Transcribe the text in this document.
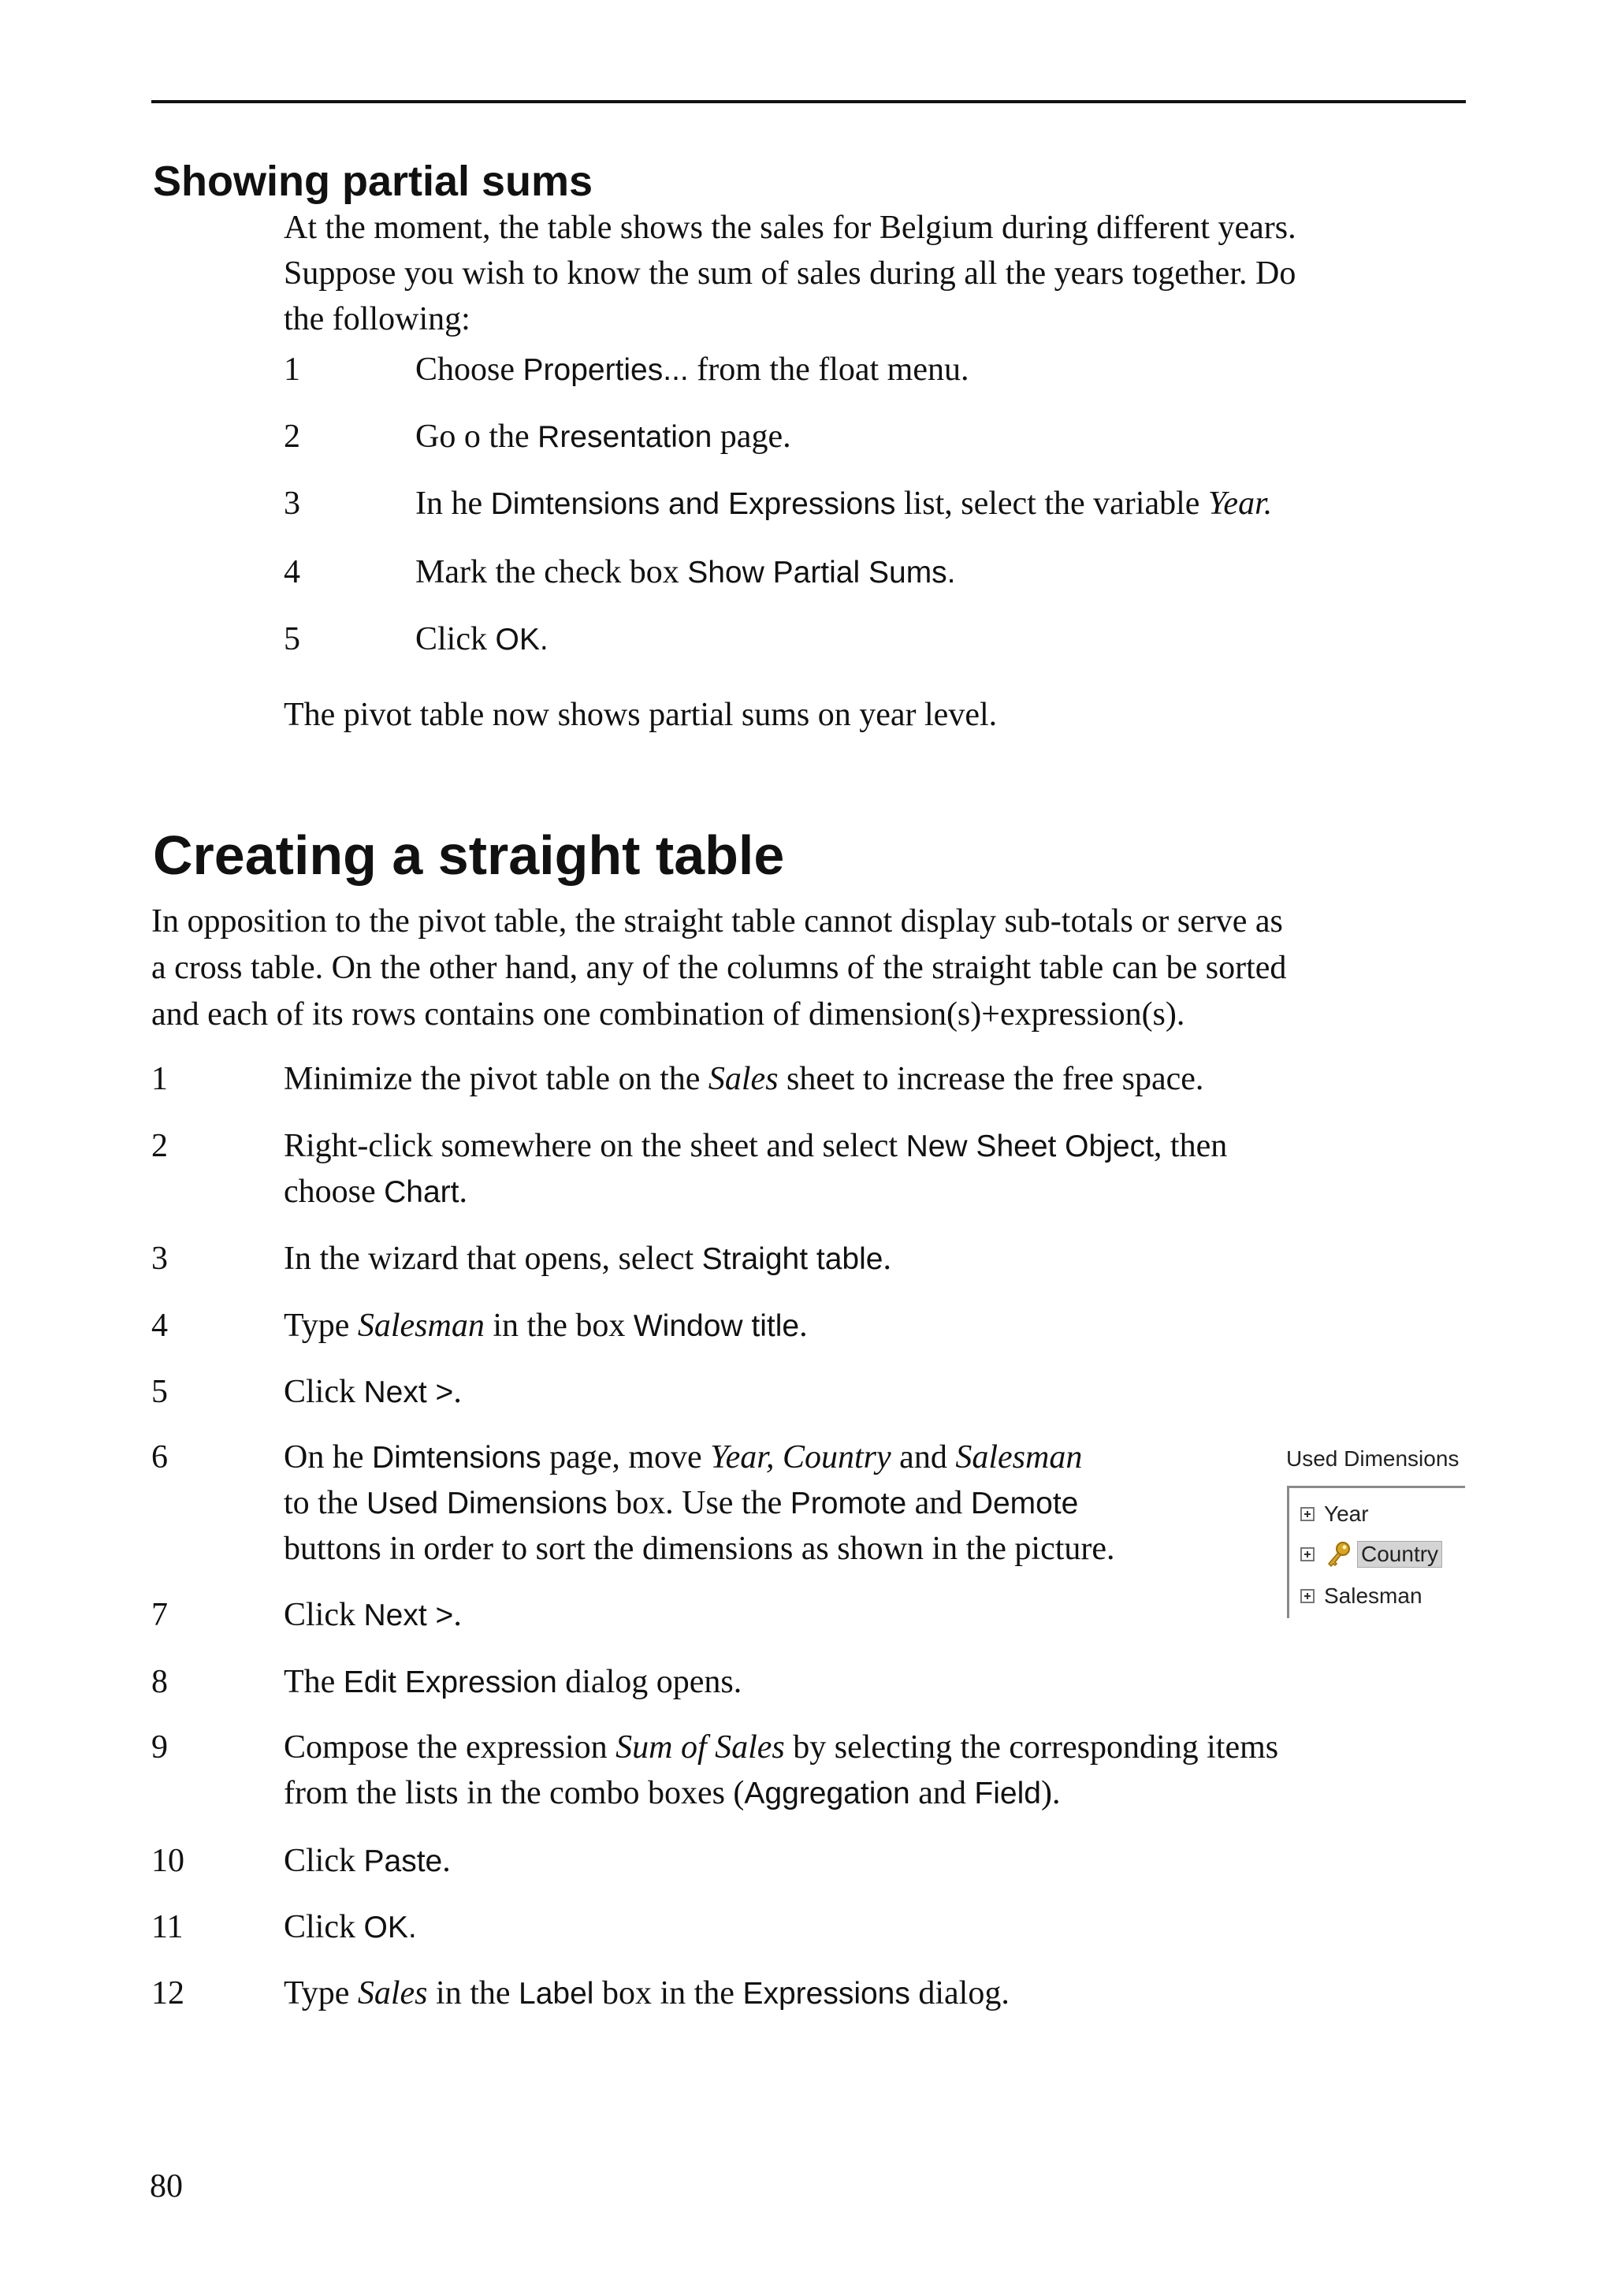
Showing partial sums

At the moment, the table shows the sales for Belgium during different years.

Suppose you wish to know the sum of sales during all the years together. Do

the following:

1	Choose Properties... from the float menu.
2	Go o the Rresentation page.
3	In he Dimtensions and Expressions list, select the variable Year.
4	Mark the check box Show Partial Sums.
5	Click OK.

The pivot table now shows partial sums on year level.

Creating a straight table

In opposition to the pivot table, the straight table cannot display sub-totals or serve as

a cross table. On the other hand, any of the columns of the straight table can be sorted

and each of its rows contains one combination of dimension(s)+expression(s).

1	Minimize the pivot table on the Sales sheet to increase the free space.
2	Right-click somewhere on the sheet and select New Sheet Object, then
choose Chart.
3	In the wizard that opens, select Straight table.
4	Type Salesman in the box Window title.
5	Click Next >.
6	On he Dimtensions page, move Year, Country and Salesman
to the Used Dimensions box. Use the Promote and Demote
buttons in order to sort the dimensions as shown in the picture.
7	Click Next >.
8	The Edit Expression dialog opens.
9	Compose the expression Sum of Sales by selecting the corresponding items
from the lists in the combo boxes (Aggregation and Field).
10	Click Paste.
11	Click OK.
12	Type Sales in the Label box in the Expressions dialog.
Used Dimensions
Year
Country
Salesman
80
